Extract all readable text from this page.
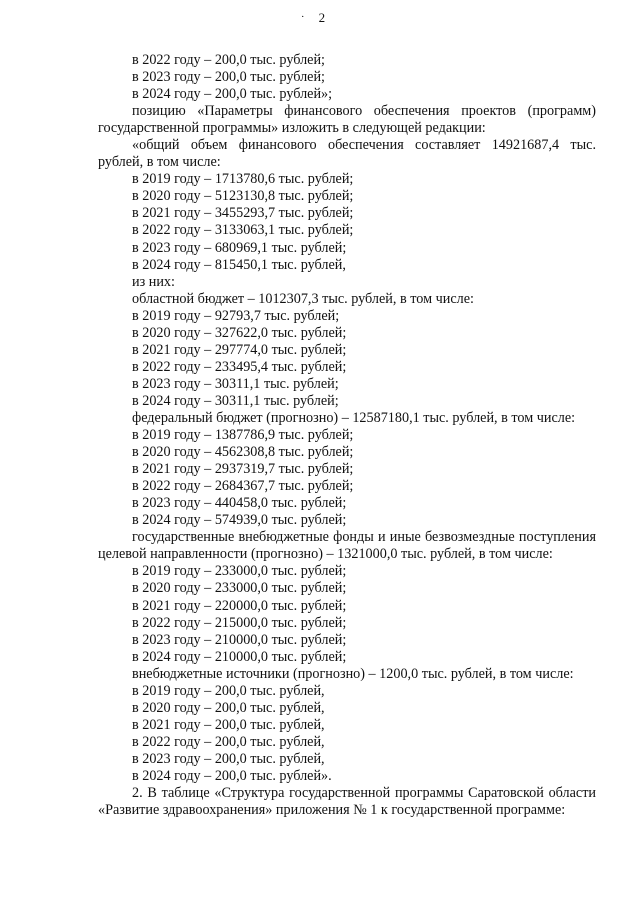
· 2

в 2022 году – 200,0 тыс. рублей;

в 2023 году – 200,0 тыс. рублей;

в 2024 году – 200,0 тыс. рублей»;

позицию «Параметры финансового обеспечения проектов (программ)

государственной программы» изложить в следующей редакции:

«общий объем финансового обеспечения составляет 14921687,4 тыс.

рублей, в том числе:

в 2019 году – 1713780,6 тыс. рублей;

в 2020 году – 5123130,8 тыс. рублей;

в 2021 году – 3455293,7 тыс. рублей;

в 2022 году – 3133063,1 тыс. рублей;

в 2023 году – 680969,1 тыс. рублей;

в 2024 году – 815450,1 тыс. рублей,

из них:

областной бюджет – 1012307,3 тыс. рублей, в том числе:

в 2019 году – 92793,7 тыс. рублей;

в 2020 году – 327622,0 тыс. рублей;

в 2021 году – 297774,0 тыс. рублей;

в 2022 году – 233495,4 тыс. рублей;

в 2023 году – 30311,1 тыс. рублей;

в 2024 году – 30311,1 тыс. рублей;

федеральный бюджет (прогнозно) – 12587180,1 тыс. рублей, в том числе:

в 2019 году – 1387786,9 тыс. рублей;

в 2020 году – 4562308,8 тыс. рублей;

в 2021 году – 2937319,7 тыс. рублей;

в 2022 году – 2684367,7 тыс. рублей;

в 2023 году – 440458,0 тыс. рублей;

в 2024 году – 574939,0 тыс. рублей;

государственные внебюджетные фонды и иные безвозмездные поступления

целевой направленности (прогнозно) – 1321000,0 тыс. рублей, в том числе:

в 2019 году – 233000,0 тыс. рублей;

в 2020 году – 233000,0 тыс. рублей;

в 2021 году – 220000,0 тыс. рублей;

в 2022 году – 215000,0 тыс. рублей;

в 2023 году – 210000,0 тыс. рублей;

в 2024 году – 210000,0 тыс. рублей;

внебюджетные источники (прогнозно) – 1200,0 тыс. рублей, в том числе:

в 2019 году – 200,0 тыс. рублей,

в 2020 году – 200,0 тыс. рублей,

в 2021 году – 200,0 тыс. рублей,

в 2022 году – 200,0 тыс. рублей,

в 2023 году – 200,0 тыс. рублей,

в 2024 году – 200,0 тыс. рублей».

2. В таблице «Структура государственной программы Саратовской области «Развитие здравоохранения» приложения № 1 к государственной программе:
